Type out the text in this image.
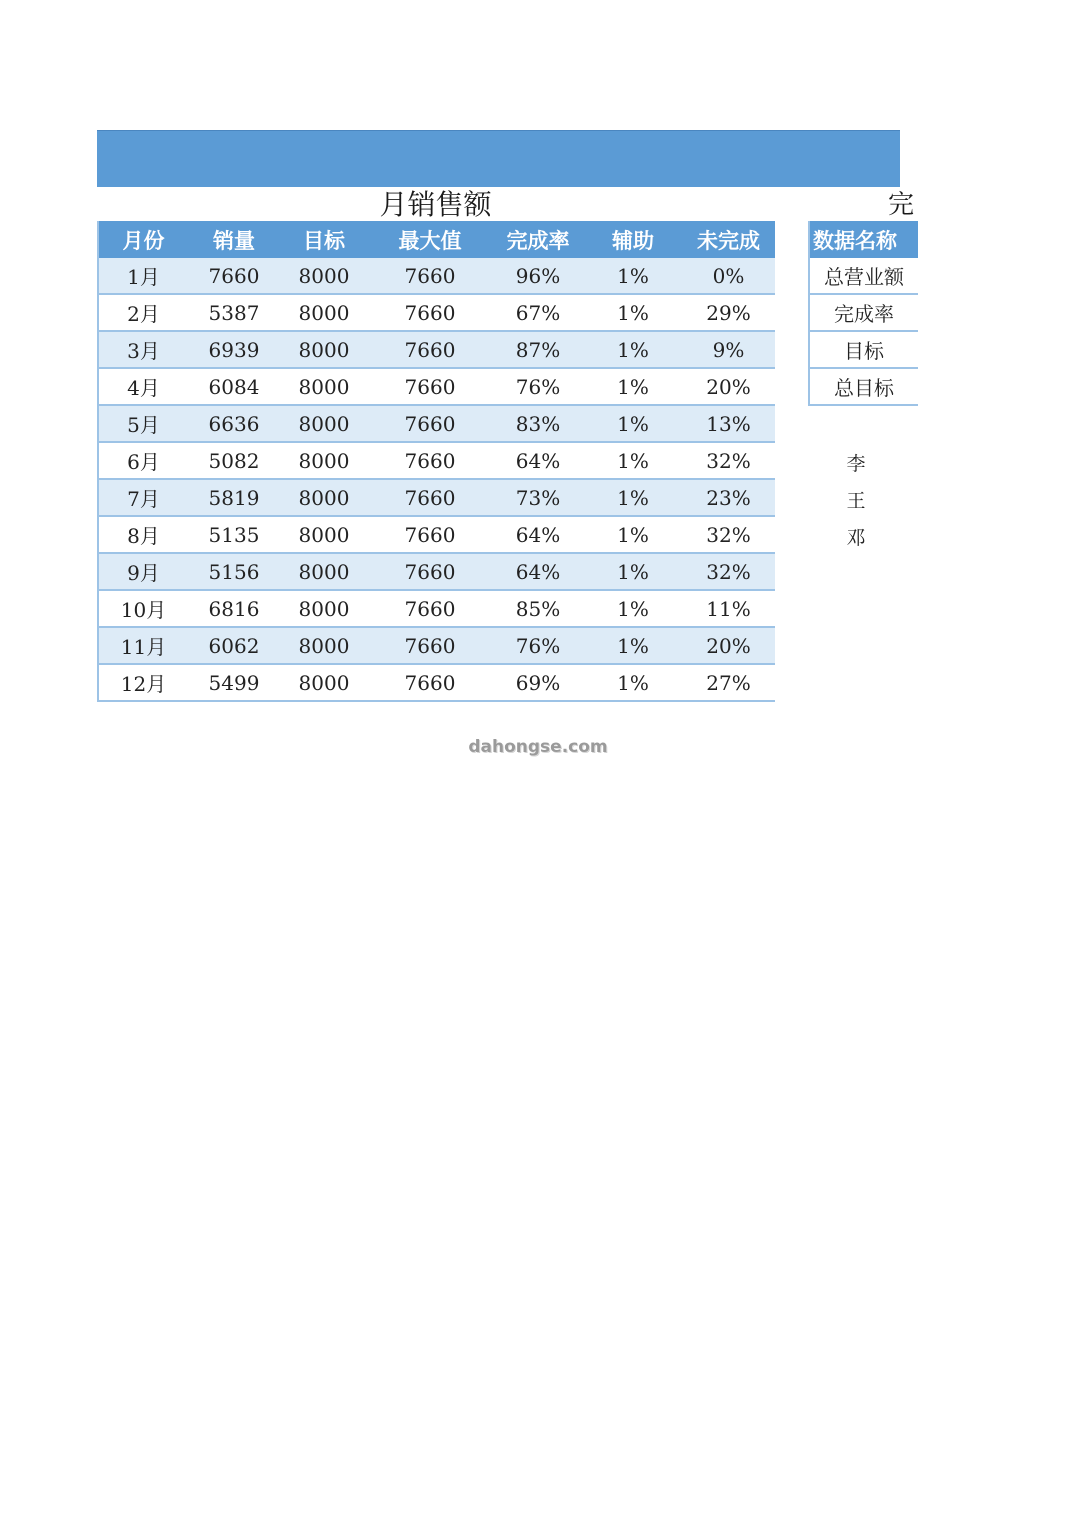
月销售额	完
月份	销量	目标	最大值	完成率	辅助	未完成
1月	7660	8000	7660	96%	1%	0%
2月	5387	8000	7660	67%	1%	29%
3月	6939	8000	7660	87%	1%	9%
4月	6084	8000	7660	76%	1%	20%
5月	6636	8000	7660	83%	1%	13%
6月	5082	8000	7660	64%	1%	32%
7月	5819	8000	7660	73%	1%	23%
8月	5135	8000	7660	64%	1%	32%
9月	5156	8000	7660	64%	1%	32%
10月	6816	8000	7660	85%	1%	11%
11月	6062	8000	7660	76%	1%	20%
12月	5499	8000	7660	69%	1%	27%
数据名称
总营业额
完成率
目标
总目标
李
王
邓
dahongse.com
